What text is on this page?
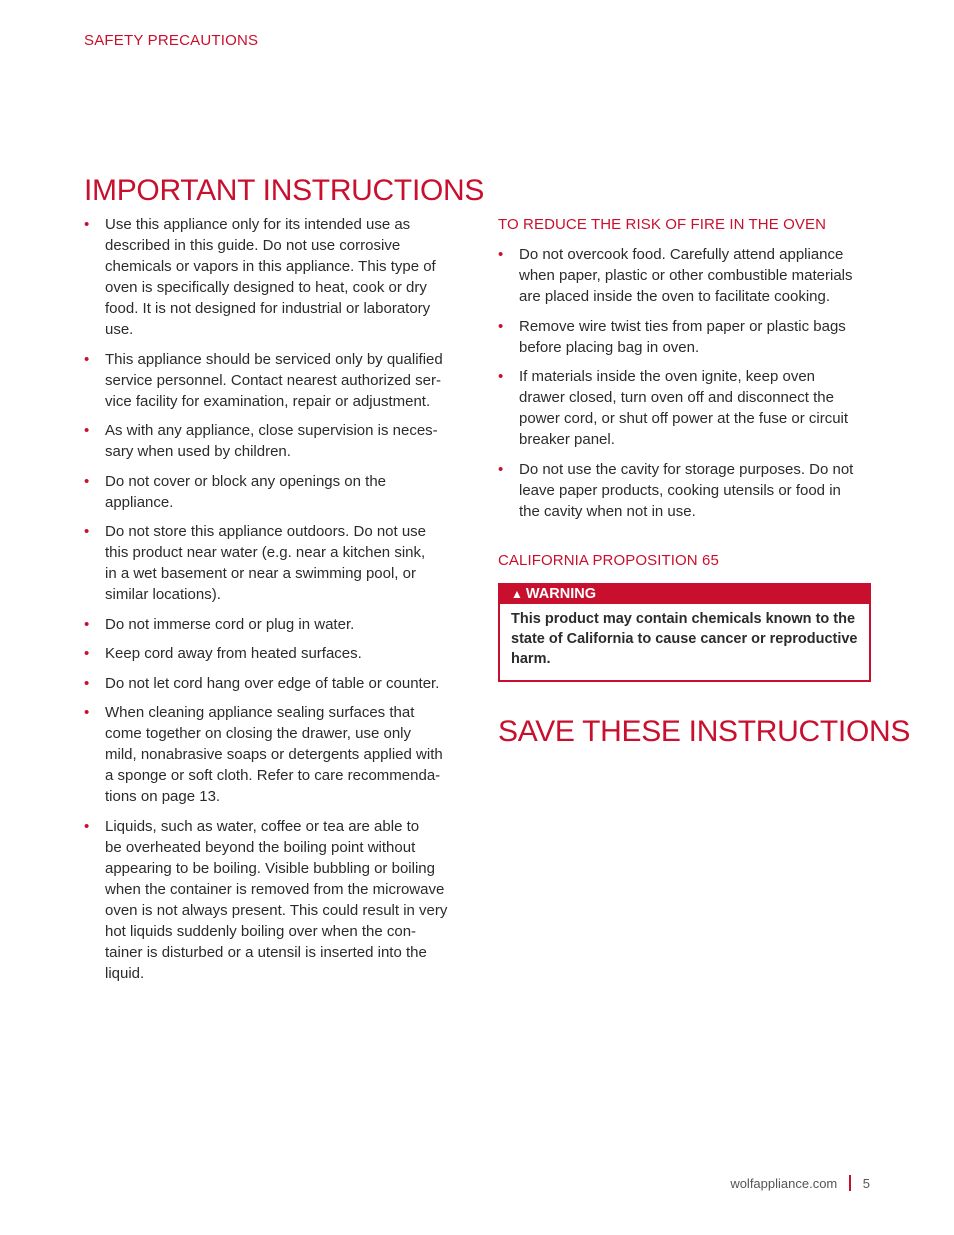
SAFETY PRECAUTIONS
IMPORTANT INSTRUCTIONS
• Use this appliance only for its intended use as
described in this guide. Do not use corrosive
chemicals or vapors in this appliance. This type of
oven is specifically designed to heat, cook or dry
food. It is not designed for industrial or laboratory
use.
• This appliance should be serviced only by qualified
service personnel. Contact nearest authorized ser-
vice facility for examination, repair or adjustment.
• As with any appliance, close supervision is neces-
sary when used by children.
• Do not cover or block any openings on the
appliance.
• Do not store this appliance outdoors. Do not use
this product near water (e.g. near a kitchen sink,
in a wet basement or near a swimming pool, or
similar locations).
• Do not immerse cord or plug in water.
• Keep cord away from heated surfaces.
• Do not let cord hang over edge of table or counter.
• When cleaning appliance sealing surfaces that
come together on closing the drawer, use only
mild, nonabrasive soaps or detergents applied with
a sponge or soft cloth. Refer to care recommenda-
tions on page 13.
• Liquids, such as water, coffee or tea are able to
be overheated beyond the boiling point without
appearing to be boiling. Visible bubbling or boiling
when the container is removed from the microwave
oven is not always present. This could result in very
hot liquids suddenly boiling over when the con-
tainer is disturbed or a utensil is inserted into the
liquid.
TO REDUCE THE RISK OF FIRE IN THE OVEN
• Do not overcook food. Carefully attend appliance
when paper, plastic or other combustible materials
are placed inside the oven to facilitate cooking.
• Remove wire twist ties from paper or plastic bags
before placing bag in oven.
• If materials inside the oven ignite, keep oven
drawer closed, turn oven off and disconnect the
power cord, or shut off power at the fuse or circuit
breaker panel.
• Do not use the cavity for storage purposes. Do not
leave paper products, cooking utensils or food in
the cavity when not in use.
CALIFORNIA PROPOSITION 65
▲ WARNING
This product may contain chemicals known to the
state of California to cause cancer or reproductive
harm.
SAVE THESE INSTRUCTIONS
wolfappliance.com 5
